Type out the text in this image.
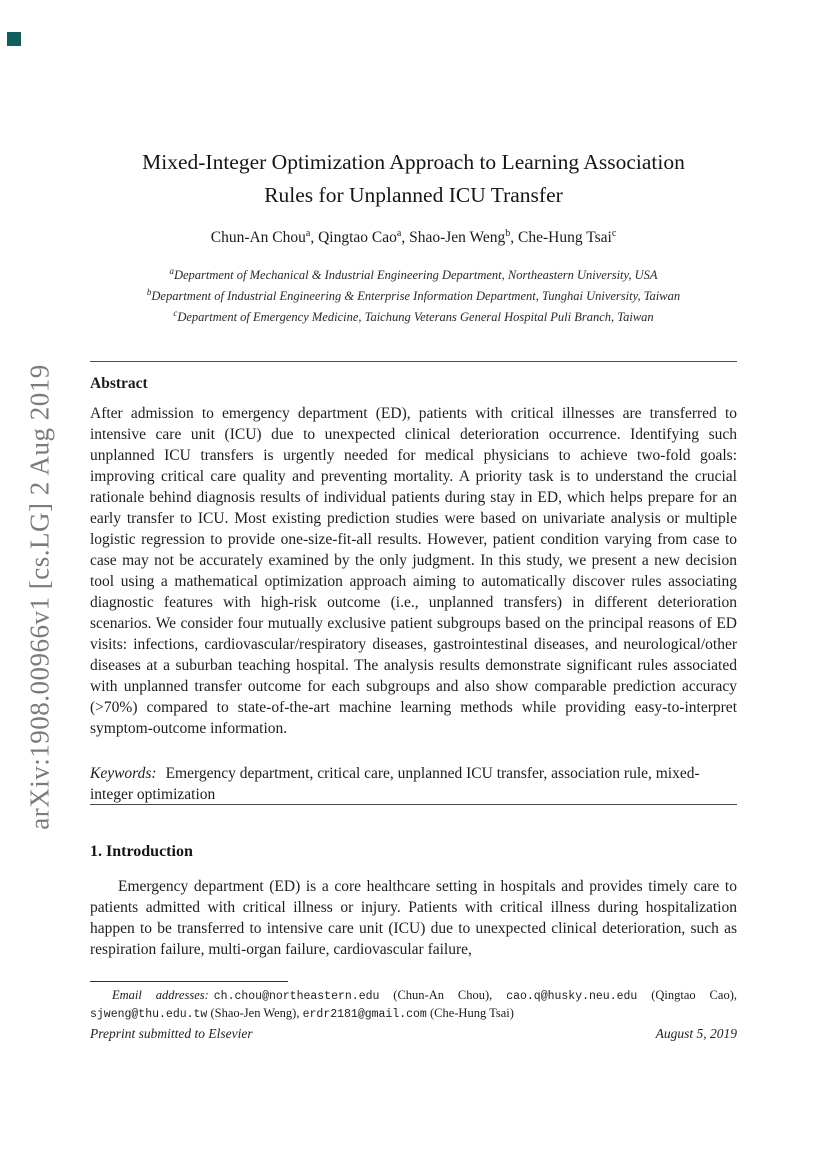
arXiv:1908.00966v1 [cs.LG] 2 Aug 2019
Mixed-Integer Optimization Approach to Learning Association
Rules for Unplanned ICU Transfer
Chun-An Chou$^a$, Qingtao Cao$^a$, Shao-Jen Weng$^b$, Che-Hung Tsai$^c$
$^a$Department of Mechanical & Industrial Engineering Department, Northeastern University, USA
$^b$Department of Industrial Engineering & Enterprise Information Department, Tunghai University, Taiwan
$^c$Department of Emergency Medicine, Taichung Veterans General Hospital Puli Branch, Taiwan
Abstract

After admission to emergency department (ED), patients with critical illnesses are transferred to intensive care unit (ICU) due to unexpected clinical deterioration occurrence. Identifying such unplanned ICU transfers is urgently needed for medical physicians to achieve two-fold goals: improving critical care quality and preventing mortality. A priority task is to understand the crucial rationale behind diagnosis results of individual patients during stay in ED, which helps prepare for an early transfer to ICU. Most existing prediction studies were based on univariate analysis or multiple logistic regression to provide one-size-fit-all results. However, patient condition varying from case to case may not be accurately examined by the only judgment. In this study, we present a new decision tool using a mathematical optimization approach aiming to automatically discover rules associating diagnostic features with high-risk outcome (i.e., unplanned transfers) in different deterioration scenarios. We consider four mutually exclusive patient subgroups based on the principal reasons of ED visits: infections, cardiovascular/respiratory diseases, gastrointestinal diseases, and neurological/other diseases at a suburban teaching hospital. The analysis results demonstrate significant rules associated with unplanned transfer outcome for each subgroups and also show comparable prediction accuracy (>70%) compared to state-of-the-art machine learning methods while providing easy-to-interpret symptom-outcome information.

Keywords: Emergency department, critical care, unplanned ICU transfer, association rule, mixed-integer optimization

1. Introduction

Emergency department (ED) is a core healthcare setting in hospitals and provides timely care to patients admitted with critical illness or injury. Patients with critical illness during hospitalization happen to be transferred to intensive care unit (ICU) due to unexpected clinical deterioration, such as respiration failure, multi-organ failure, cardiovascular failure,

Email addresses: ch.chou@northeastern.edu (Chun-An Chou), cao.q@husky.neu.edu (Qingtao Cao), sjweng@thu.edu.tw (Shao-Jen Weng), erdr2181@gmail.com (Che-Hung Tsai)

Preprint submitted to Elsevier	August 5, 2019
